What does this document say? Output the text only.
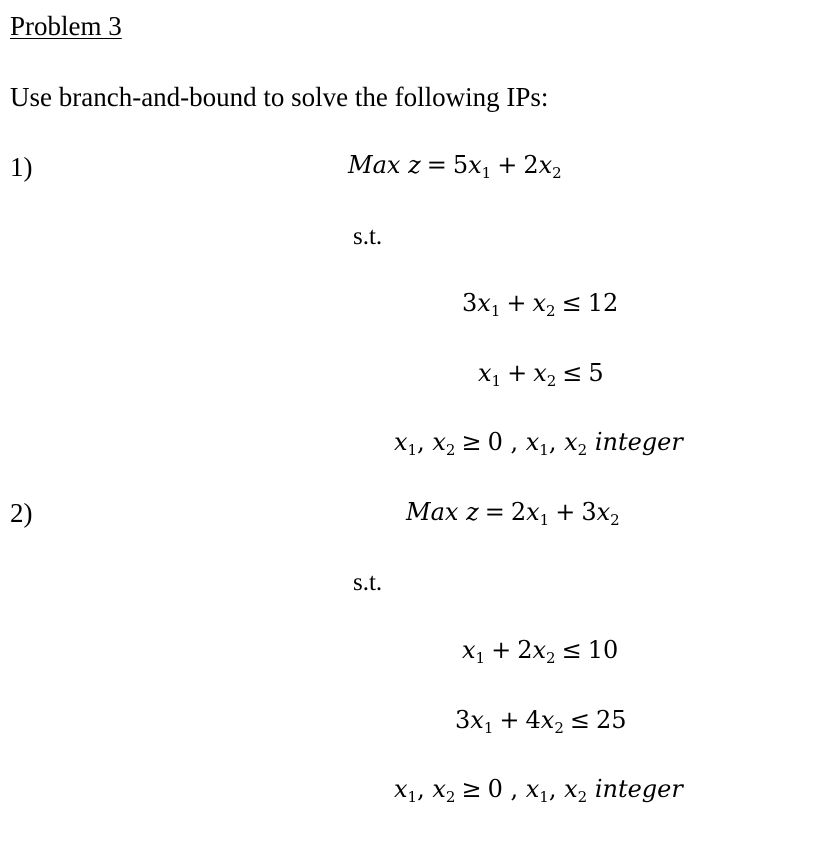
Problem 3
Use branch-and-bound to solve the following IPs:
1)	Max $z = 5x_1 + 2x_2$
s.t.
$3x_1 + x_2 \le 12$
$x_1 + x_2 \le 5$
$x_1$, $x_2 \ge 0$ , $x_1$, $x_2$ integer
2)	Max $z = 2x_1 + 3x_2$
s.t.
$x_1 + 2x_2 \le 10$
$3x_1 + 4x_2 \le 25$
$x_1$, $x_2 \ge 0$ , $x_1$, $x_2$ integer
